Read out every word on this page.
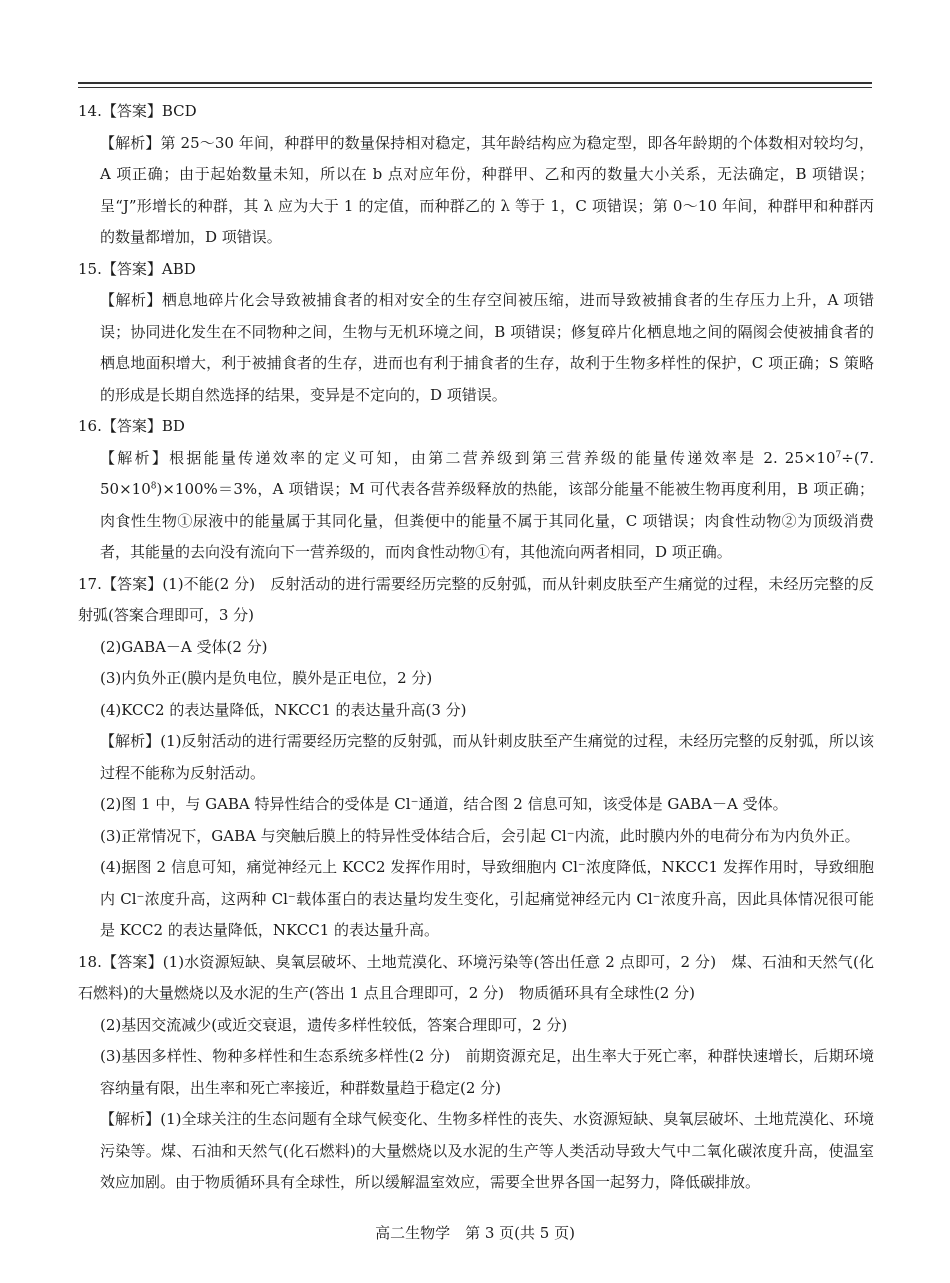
14.【答案】BCD

【解析】第 25～30 年间，种群甲的数量保持相对稳定，其年龄结构应为稳定型，即各年龄期的个体数相对较均匀，A 项正确；由于起始数量未知，所以在 b 点对应年份，种群甲、乙和丙的数量大小关系，无法确定，B 项错误；呈“J”形增长的种群，其 λ 应为大于 1 的定值，而种群乙的 λ 等于 1，C 项错误；第 0～10 年间，种群甲和种群丙的数量都增加，D 项错误。

15.【答案】ABD

【解析】栖息地碎片化会导致被捕食者的相对安全的生存空间被压缩，进而导致被捕食者的生存压力上升，A 项错误；协同进化发生在不同物种之间，生物与无机环境之间，B 项错误；修复碎片化栖息地之间的隔阂会使被捕食者的栖息地面积增大，利于被捕食者的生存，进而也有利于捕食者的生存，故利于生物多样性的保护，C 项正确；S 策略的形成是长期自然选择的结果，变异是不定向的，D 项错误。

16.【答案】BD

【解析】根据能量传递效率的定义可知，由第二营养级到第三营养级的能量传递效率是 2. $25\times 10^7\div(7$. $50\times 10^8)\times 100\%=3\%$，A 项错误；M 可代表各营养级释放的热能，该部分能量不能被生物再度利用，B 项正确；肉食性生物①尿液中的能量属于其同化量，但粪便中的能量不属于其同化量，C 项错误；肉食性动物②为顶级消费者，其能量的去向没有流向下一营养级的，而肉食性动物①有，其他流向两者相同，D 项正确。

17.【答案】(1)不能(2 分)　反射活动的进行需要经历完整的反射弧，而从针刺皮肤至产生痛觉的过程，未经历完整的反射弧(答案合理即可，3 分)

(2)GABA－A 受体(2 分)

(3)内负外正(膜内是负电位，膜外是正电位，2 分)

(4)KCC2 的表达量降低，NKCC1 的表达量升高(3 分)

【解析】(1)反射活动的进行需要经历完整的反射弧，而从针刺皮肤至产生痛觉的过程，未经历完整的反射弧，所以该过程不能称为反射活动。

(2)图 1 中，与 GABA 特异性结合的受体是 Cl⁻通道，结合图 2 信息可知，该受体是 GABA－A 受体。

(3)正常情况下，GABA 与突触后膜上的特异性受体结合后，会引起 Cl⁻内流，此时膜内外的电荷分布为内负外正。

(4)据图 2 信息可知，痛觉神经元上 KCC2 发挥作用时，导致细胞内 Cl⁻浓度降低，NKCC1 发挥作用时，导致细胞内 Cl⁻浓度升高，这两种 Cl⁻载体蛋白的表达量均发生变化，引起痛觉神经元内 Cl⁻浓度升高，因此具体情况很可能是 KCC2 的表达量降低，NKCC1 的表达量升高。

18.【答案】(1)水资源短缺、臭氧层破坏、土地荒漠化、环境污染等(答出任意 2 点即可，2 分)　煤、石油和天然气(化石燃料)的大量燃烧以及水泥的生产(答出 1 点且合理即可，2 分)　物质循环具有全球性(2 分)

(2)基因交流减少(或近交衰退，遗传多样性较低，答案合理即可，2 分)

(3)基因多样性、物种多样性和生态系统多样性(2 分)　前期资源充足，出生率大于死亡率，种群快速增长，后期环境容纳量有限，出生率和死亡率接近，种群数量趋于稳定(2 分)

【解析】(1)全球关注的生态问题有全球气候变化、生物多样性的丧失、水资源短缺、臭氧层破坏、土地荒漠化、环境污染等。煤、石油和天然气(化石燃料)的大量燃烧以及水泥的生产等人类活动导致大气中二氧化碳浓度升高，使温室效应加剧。由于物质循环具有全球性，所以缓解温室效应，需要全世界各国一起努力，降低碳排放。

高二生物学　第 3 页(共 5 页)
